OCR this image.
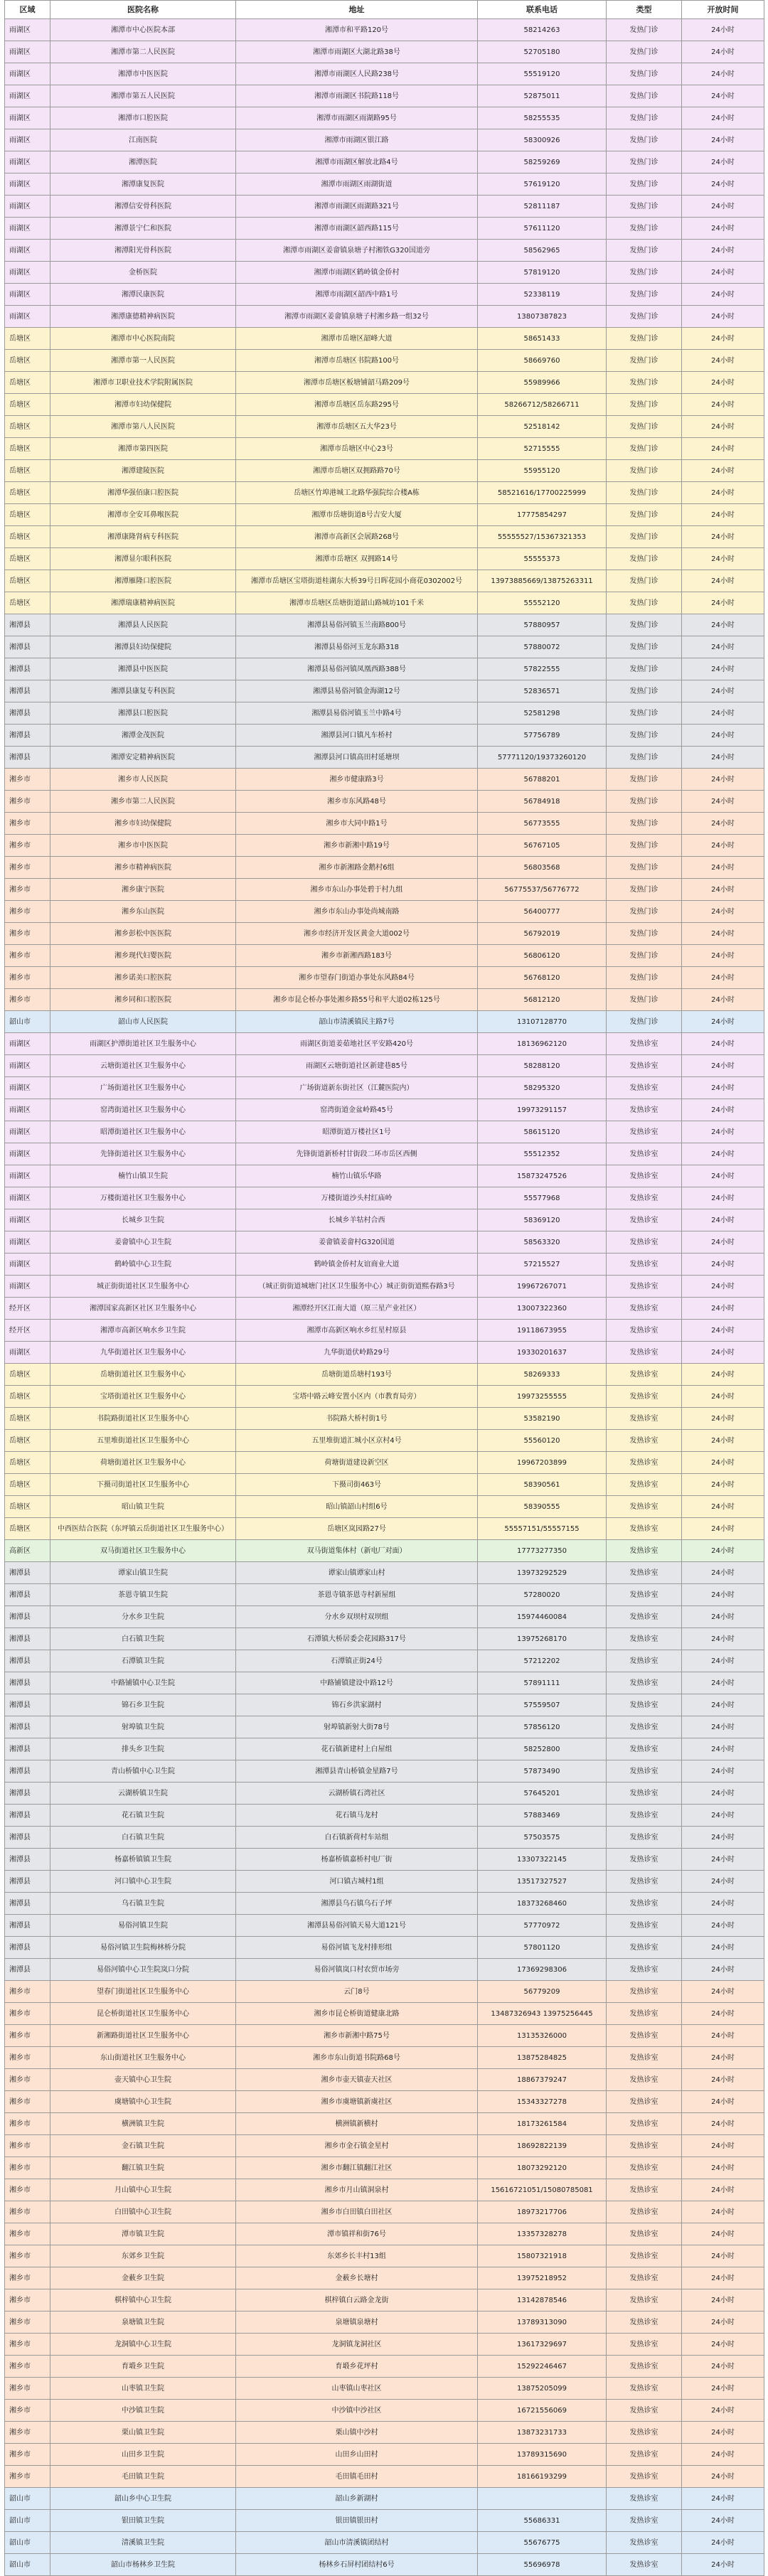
区域	医院名称	地址	联系电话	类型	开放时间
雨湖区	湘潭市中心医院本部	湘潭市和平路120号	58214263	发热门诊	24小时
雨湖区	湘潭市第二人民医院	湘潭市雨湖区大湖北路38号	52705180	发热门诊	24小时
雨湖区	湘潭市中医医院	湘潭市雨湖区人民路238号	55519120	发热门诊	24小时
雨湖区	湘潭市第五人民医院	湘潭市雨湖区书院路118号	52875011	发热门诊	24小时
雨湖区	湘潭市口腔医院	湘潭市雨湖区雨湖路95号	58255535	发热门诊	24小时
雨湖区	江南医院	湘潭市雨湖区银江路	58300926	发热门诊	24小时
雨湖区	湘潭医院	湘潭市雨湖区解放北路4号	58259269	发热门诊	24小时
雨湖区	湘潭康复医院	湘潭市雨湖区雨湖街道	57619120	发热门诊	24小时
雨湖区	湘潭信安骨科医院	湘潭市雨湖区雨湖路321号	52811187	发热门诊	24小时
雨湖区	湘潭景宁仁和医院	湘潭市雨湖区韶西路115号	57611120	发热门诊	24小时
雨湖区	湘潭阳光骨科医院	湘潭市雨湖区姜畲镇泉塘子村湘铁G320国道旁	58562965	发热门诊	24小时
雨湖区	金桥医院	湘潭市雨湖区鹤岭镇金侨村	57819120	发热门诊	24小时
雨湖区	湘潭民康医院	湘潭市雨湖区韶西中路1号	52338119	发热门诊	24小时
雨湖区	湘潭康德精神病医院	湘潭市雨湖区姜畲镇泉塘子村湘乡路一组32号	13807387823	发热门诊	24小时
岳塘区	湘潭市中心医院南院	湘潭市岳塘区韶峰大道	58651433	发热门诊	24小时
岳塘区	湘潭市第一人民医院	湘潭市岳塘区书院路100号	58669760	发热门诊	24小时
岳塘区	湘潭市卫职业技术学院附属医院	湘潭市岳塘区板塘铺韶马路209号	55989966	发热门诊	24小时
岳塘区	湘潭市妇幼保健院	湘潭市岳塘区岳东路295号	58266712/58266711	发热门诊	24小时
岳塘区	湘潭市第八人民医院	湘潭市岳塘区五大华23号	52518142	发热门诊	24小时
岳塘区	湘潭市第四医院	湘潭市岳塘区中心23号	52715555	发热门诊	24小时
岳塘区	湘潭建陵医院	湘潭市岳塘区双拥路路70号	55955120	发热门诊	24小时
岳塘区	湘潭华强佰康口腔医院	岳塘区竹埠港城工北路华强院综合楼A栋	58521616/17700225999	发热门诊	24小时
岳塘区	湘潭市全安耳鼻喉医院	湘潭市岳塘街道8号吉安大厦	17775854297	发热门诊	24小时
岳塘区	湘潭康隆肾病专科医院	湘潭市高新区会展路268号	55555527/15367321353	发热门诊	24小时
岳塘区	湘潭显尔眼科医院	湘潭市岳塘区 双拥路14号	55555373	发热门诊	24小时
岳塘区	湘潭雁隆口腔医院	湘潭市岳塘区宝塔街道桂湖东大桥39号日晖花园小商花0302002号	13973885669/13875263311	发热门诊	24小时
岳塘区	湘潭瑞康精神病医院	湘潭市岳塘区岳塘街道韶山路城坊101千米	55552120	发热门诊	24小时
湘潭县	湘潭县人民医院	湘潭县易俗河镇玉兰南路800号	57880957	发热门诊	24小时
湘潭县	湘潭县妇幼保健院	湘潭县易俗河玉龙东路318	57880072	发热门诊	24小时
湘潭县	湘潭县中医医院	湘潭县易俗河镇凤凰西路388号	57822555	发热门诊	24小时
湘潭县	湘潭县康复专科医院	湘潭县易俗河镇金海湖12号	52836571	发热门诊	24小时
湘潭县	湘潭县口腔医院	湘潭县易俗河镇玉兰中路4号	52581298	发热门诊	24小时
湘潭县	湘潭金茂医院	湘潭县河口镇凡车桥村	57756789	发热门诊	24小时
湘潭县	湘潭安定精神病医院	湘潭县河口镇高田村延塘坝	57771120/19373260120	发热门诊	24小时
湘乡市	湘乡市人民医院	湘乡市健康路3号	56788201	发热门诊	24小时
湘乡市	湘乡市第二人民医院	湘乡市东风路48号	56784918	发热门诊	24小时
湘乡市	湘乡市妇幼保健院	湘乡市大同中路1号	56773555	发热门诊	24小时
湘乡市	湘乡市中医医院	湘乡市新湘中路19号	56767105	发热门诊	24小时
湘乡市	湘乡市精神病医院	湘乡市新湘路金鹅村6组	56803568	发热门诊	24小时
湘乡市	湘乡康宁医院	湘乡市东山办事处碧于村九组	56775537/56776772	发热门诊	24小时
湘乡市	湘乡东山医院	湘乡市东山办事处尚城南路	56400777	发热门诊	24小时
湘乡市	湘乡彭松中医医院	湘乡市经济开发区黄金大道002号	56792019	发热门诊	24小时
湘乡市	湘乡现代妇婴医院	湘乡市新湘西路183号	56806120	发热门诊	24小时
湘乡市	湘乡诺美口腔医院	湘乡市望春门街道办事处东风路84号	56768120	发热门诊	24小时
湘乡市	湘乡同和口腔医院	湘乡市昆仑桥办事处湘乡路55号和平大道02栋125号	56812120	发热门诊	24小时
韶山市	韶山市人民医院	韶山市清溪镇民主路7号	13107128770	发热门诊	24小时
雨湖区	雨湖区护潭街道社区卫生服务中心	雨湖区街道姜茹地社区平安路420号	18136962120	发热诊室	24小时
雨湖区	云塘街道社区卫生服务中心	雨湖区云塘街道社区新建巷85号	58288120	发热诊室	24小时
雨湖区	广场街道社区卫生服务中心	广场街道新东街社区（江麓医院内）	58295320	发热诊室	24小时
雨湖区	窑湾街道社区卫生服务中心	窑湾街道金盆岭路45号	19973291157	发热诊室	24小时
雨湖区	昭潭街道社区卫生服务中心	昭潭街道万楼社区1号	58615120	发热诊室	24小时
雨湖区	先锋街道社区卫生服务中心	先锋街道新桥村甘街段二环市岳区西侧	55512352	发热诊室	24小时
雨湖区	楠竹山镇卫生院	楠竹山镇乐华路	15873247526	发热诊室	24小时
雨湖区	万楼街道社区卫生服务中心	万楼街道沙头村红庙岭	55577968	发热诊室	24小时
雨湖区	长城乡卫生院	长城乡羊牯村合西	58369120	发热诊室	24小时
雨湖区	姜畲镇中心卫生院	姜畲镇姜畲村G320国道	58563320	发热诊室	24小时
雨湖区	鹤岭镇中心卫生院	鹤岭镇金侨村友谊商业大道	57215527	发热诊室	24小时
雨湖区	城正街街道社区卫生服务中心	（城正街街道城塘门社区卫生服务中心）城正街街道熙春路3号	19967267071	发热诊室	24小时
经开区	湘潭国家高新区社区卫生服务中心	湘潭经开区江南大道（原三星产业社区）	13007322360	发热诊室	24小时
经开区	湘潭市高新区响水乡卫生院	湘潭市高新区响水乡红星村原县	19118673955	发热诊室	24小时
雨湖区	九华街道社区卫生服务中心	九华街道伏岭路29号	19330201637	发热诊室	24小时
岳塘区	岳塘街道社区卫生服务中心	岳塘街道岳塘村193号	58269333	发热诊室	24小时
岳塘区	宝塔街道社区卫生服务中心	宝塔中路云峰安置小区内（市教育局旁）	19973255555	发热诊室	24小时
岳塘区	书院路街道社区卫生服务中心	书院路大桥村街1号	53582190	发热诊室	24小时
岳塘区	五里堆街道社区卫生服务中心	五里堆街道汇城小区京村4号	55560120	发热诊室	24小时
岳塘区	荷塘街道社区卫生服务中心	荷塘街道建设新空区	19967203899	发热诊室	24小时
岳塘区	下摄司街道社区卫生服务中心	下摄司街463号	58390561	发热诊室	24小时
岳塘区	昭山镇卫生院	昭山镇韶山村组6号	58390555	发热诊室	24小时
岳塘区	中西医结合医院（东坪镇云岳街道社区卫生服务中心）	岳塘区岚园路27号	55557151/55557155	发热诊室	24小时
高新区	双马街道社区卫生服务中心	双马街道集体村（新电厂对面）	17773277350	发热诊室	24小时
湘潭县	谭家山镇卫生院	谭家山镇谭家山村	13973292529	发热诊室	24小时
湘潭县	茶恩寺镇卫生院	茶恩寺镇茶恩寺村新屋组	57280020	发热诊室	24小时
湘潭县	分水乡卫生院	分水乡双坝村双坝组	15974460084	发热诊室	24小时
湘潭县	白石镇卫生院	石潭镇大桥居委会花园路317号	13975268170	发热诊室	24小时
湘潭县	石潭镇卫生院	石潭镇正街24号	57212202	发热诊室	24小时
湘潭县	中路铺镇中心卫生院	中路铺镇建设中路12号	57891111	发热诊室	24小时
湘潭县	锦石乡卫生院	锦石乡洪家湖村	57559507	发热诊室	24小时
湘潭县	射埠镇卫生院	射埠镇新射大街78号	57856120	发热诊室	24小时
湘潭县	排头乡卫生院	花石镇新建村上白屋组	58252800	发热诊室	24小时
湘潭县	青山桥镇中心卫生院	湘潭县青山桥镇金星路7号	57873490	发热诊室	24小时
湘潭县	云湖桥镇卫生院	云湖桥镇石湾社区	57645201	发热诊室	24小时
湘潭县	花石镇卫生院	花石镇马龙村	57883469	发热诊室	24小时
湘潭县	白石镇卫生院	白石镇新荷村车站组	57503575	发热诊室	24小时
湘潭县	杨嘉桥镇镇卫生院	杨嘉桥镇嘉桥村电厂街	13307322145	发热诊室	24小时
湘潭县	河口镇中心卫生院	河口镇古城村1组	13517327527	发热诊室	24小时
湘潭县	乌石镇卫生院	湘潭县乌石镇乌石子坪	18373268460	发热诊室	24小时
湘潭县	易俗河镇卫生院	湘潭县易俗河镇天易大道121号	57770972	发热诊室	24小时
湘潭县	易俗河镇卫生院梅林桥分院	易俗河镇飞龙村排形组	57801120	发热诊室	24小时
湘潭县	易俗河镇中心卫生院岚口分院	易俗河镇岚口村农贸市场旁	17369298306	发热诊室	24小时
湘乡市	望春门街道社区卫生服务中心	云门8号	56779209	发热诊室	24小时
湘乡市	昆仑桥街道社区卫生服务中心	湘乡市昆仑桥街道健康北路	13487326943 13975256445	发热诊室	24小时
湘乡市	新湘路街道社区卫生服务中心	湘乡市新湘中路75号	13135326000	发热诊室	24小时
湘乡市	东山街道社区卫生服务中心	湘乡市东山街道书院路68号	13875284825	发热诊室	24小时
湘乡市	壶天镇中心卫生院	湘乡市壶天镇壶天社区	18867379247	发热诊室	24小时
湘乡市	虞塘镇中心卫生院	湘乡市虞塘镇新虞社区	15343327278	发热诊室	24小时
湘乡市	横洲镇卫生院	横洲镇新横村	18173261584	发热诊室	24小时
湘乡市	金石镇卫生院	湘乡市金石镇金星村	18692822139	发热诊室	24小时
湘乡市	翻江镇卫生院	湘乡市翻江镇翻江社区	18073292120	发热诊室	24小时
湘乡市	月山镇中心卫生院	湘乡市月山镇洞泉村	15616721051/15080785081	发热诊室	24小时
湘乡市	白田镇中心卫生院	湘乡市白田镇白田社区	18973217706	发热诊室	24小时
湘乡市	潭市镇卫生院	潭市镇祥和街76号	13357328278	发热诊室	24小时
湘乡市	东郊乡卫生院	东郊乡长丰村13组	15807321918	发热诊室	24小时
湘乡市	金薮乡卫生院	金薮乡长塘村	13975218952	发热诊室	24小时
湘乡市	棋梓镇中心卫生院	棋梓镇白云路金龙街	13142878546	发热诊室	24小时
湘乡市	泉塘镇卫生院	泉塘镇泉塘村	13789313090	发热诊室	24小时
湘乡市	龙洞镇中心卫生院	龙洞镇龙洞社区	13617329697	发热诊室	24小时
湘乡市	育塅乡卫生院	育塅乡花坪村	15292246467	发热诊室	24小时
湘乡市	山枣镇卫生院	山枣镇山枣社区	13875205099	发热诊室	24小时
湘乡市	中沙镇卫生院	中沙镇中沙社区	16721556069	发热诊室	24小时
湘乡市	栗山镇卫生院	栗山镇中沙村	13873231733	发热诊室	24小时
湘乡市	山田乡卫生院	山田乡山田村	13789315690	发热诊室	24小时
湘乡市	毛田镇卫生院	毛田镇毛田村	18166193299	发热诊室	24小时
韶山市	韶山乡中心卫生院	韶山乡新湖村		发热诊室	24小时
韶山市	银田镇卫生院	银田镇银田村	55686331	发热诊室	24小时
韶山市	清溪镇卫生院	韶山市清溪镇团结村	55676775	发热诊室	24小时
韶山市	韶山市杨林乡卫生院	杨林乡石屏村团结村6号	55696978	发热诊室	24小时
